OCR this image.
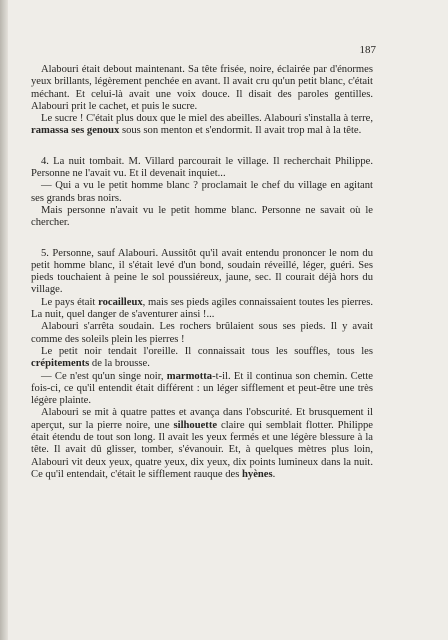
187

Alabouri était debout maintenant. Sa tête frisée, noire, éclairée par d'énormes yeux brillants, légèrement penchée en avant. Il avait cru qu'un petit blanc, c'était méchant. Et celui-là avait une voix douce. Il disait des paroles gentilles. Alabouri prit le cachet, et puis le sucre.

Le sucre ! C'était plus doux que le miel des abeilles. Alabouri s'installa à terre, ramassa ses genoux sous son menton et s'endormit. Il avait trop mal à la tête.

4. La nuit tombait. M. Villard parcourait le village. Il recherchait Philippe. Personne ne l'avait vu. Et il devenait inquiet...

— Qui a vu le petit homme blanc ? proclamait le chef du village en agitant ses grands bras noirs.

Mais personne n'avait vu le petit homme blanc. Personne ne savait où le chercher.

5. Personne, sauf Alabouri. Aussitôt qu'il avait entendu prononcer le nom du petit homme blanc, il s'était levé d'un bond, soudain réveillé, léger, guéri. Ses pieds touchaient à peine le sol poussiéreux, jaune, sec. Il courait déjà hors du village.

Le pays était rocailleux, mais ses pieds agiles connaissaient toutes les pierres. La nuit, quel danger de s'aventurer ainsi !...

Alabouri s'arrêta soudain. Les rochers brûlaient sous ses pieds. Il y avait comme des soleils plein les pierres !

Le petit noir tendait l'oreille. Il connaissait tous les souffles, tous les crépitements de la brousse.

— Ce n'est qu'un singe noir, marmotta-t-il. Et il continua son chemin. Cette fois-ci, ce qu'il entendit était différent : un léger sifflement et peut-être une très légère plainte.

Alabouri se mit à quatre pattes et avança dans l'obscurité. Et brusquement il aperçut, sur la pierre noire, une silhouette claire qui semblait flotter. Philippe était étendu de tout son long. Il avait les yeux fermés et une légère blessure à la tête. Il avait dû glisser, tomber, s'évanouir. Et, à quelques mètres plus loin, Alabouri vit deux yeux, quatre yeux, dix yeux, dix points lumineux dans la nuit. Ce qu'il entendait, c'était le sifflement rauque des hyènes.
